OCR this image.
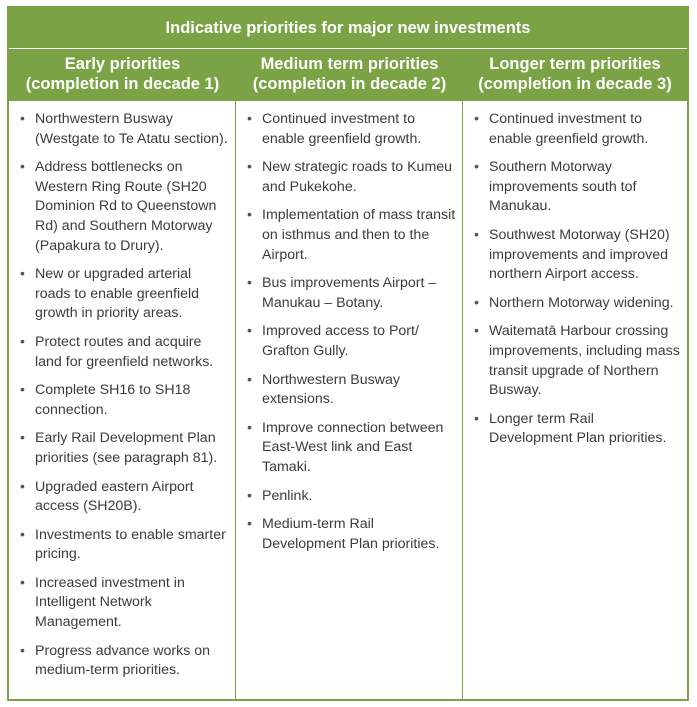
Indicative priorities for major new investments
Early priorities
(completion in decade 1)
Medium term priorities
(completion in decade 2)
Longer term priorities
(completion in decade 3)
• Northwestern Busway (Westgate to Te Atatu section).
• Address bottlenecks on Western Ring Route (SH20 Dominion Rd to Queenstown Rd) and Southern Motorway (Papakura to Drury).
• New or upgraded arterial roads to enable greenfield growth in priority areas.
• Protect routes and acquire land for greenfield networks.
• Complete SH16 to SH18 connection.
• Early Rail Development Plan priorities (see paragraph 81).
• Upgraded eastern Airport access (SH20B).
• Investments to enable smarter pricing.
• Increased investment in Intelligent Network Management.
• Progress advance works on medium-term priorities.
• Continued investment to enable greenfield growth.
• New strategic roads to Kumeu and Pukekohe.
• Implementation of mass transit on isthmus and then to the Airport.
• Bus improvements Airport – Manukau – Botany.
• Improved access to Port/ Grafton Gully.
• Northwestern Busway extensions.
• Improve connection between East-West link and East Tamaki.
• Penlink.
• Medium-term Rail Development Plan priorities.
• Continued investment to enable greenfield growth.
• Southern Motorway improvements south tof Manukau.
• Southwest Motorway (SH20) improvements and improved northern Airport access.
• Northern Motorway widening.
• Waitematā Harbour crossing improvements, including mass transit upgrade of Northern Busway.
• Longer term Rail Development Plan priorities.
